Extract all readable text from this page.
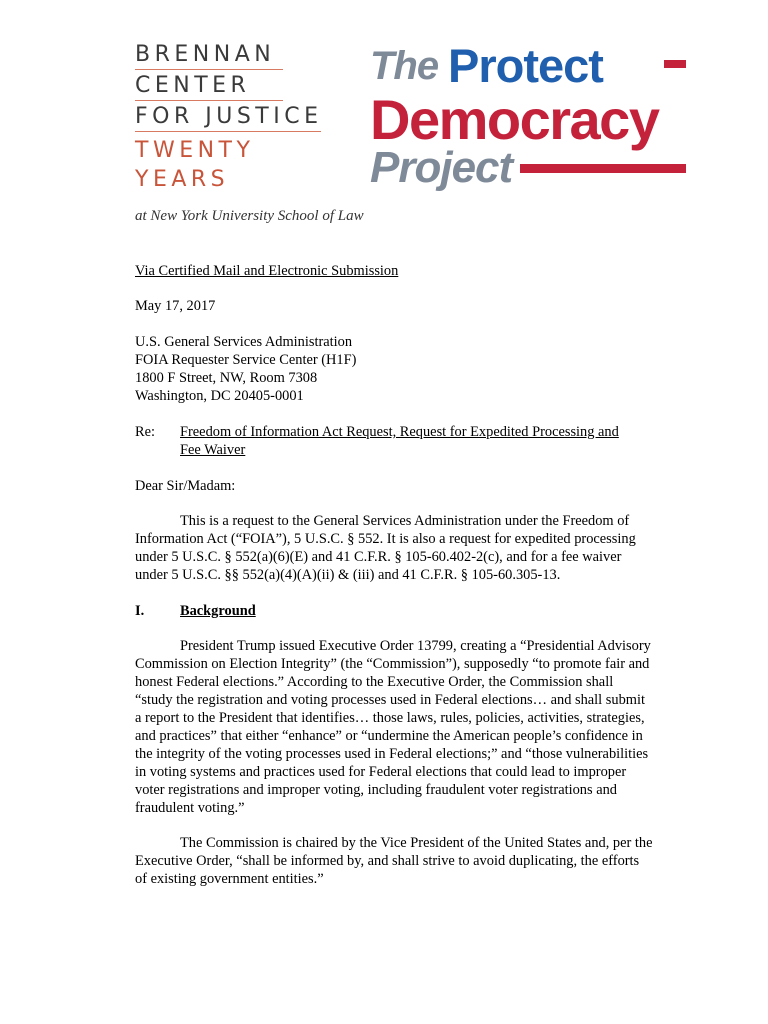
BRENNAN
CENTER
FOR JUSTICE
TWENTY
YEARS
at New York University School of Law
The Protect
Democracy
Project
Via Certified Mail and Electronic Submission
May 17, 2017
U.S. General Services Administration
FOIA Requester Service Center (H1F)
1800 F Street, NW, Room 7308
Washington, DC 20405-0001
Re: Freedom of Information Act Request, Request for Expedited Processing and
Fee Waiver
Dear Sir/Madam:
This is a request to the General Services Administration under the Freedom of
Information Act (“FOIA”), 5 U.S.C. § 552. It is also a request for expedited processing
under 5 U.S.C. § 552(a)(6)(E) and 41 C.F.R. § 105-60.402-2(c), and for a fee waiver
under 5 U.S.C. §§ 552(a)(4)(A)(ii) & (iii) and 41 C.F.R. § 105-60.305-13.
I. Background
President Trump issued Executive Order 13799, creating a “Presidential Advisory
Commission on Election Integrity” (the “Commission”), supposedly “to promote fair and
honest Federal elections.” According to the Executive Order, the Commission shall
“study the registration and voting processes used in Federal elections… and shall submit
a report to the President that identifies… those laws, rules, policies, activities, strategies,
and practices” that either “enhance” or “undermine the American people’s confidence in
the integrity of the voting processes used in Federal elections;” and “those vulnerabilities
in voting systems and practices used for Federal elections that could lead to improper
voter registrations and improper voting, including fraudulent voter registrations and
fraudulent voting.”
The Commission is chaired by the Vice President of the United States and, per the
Executive Order, “shall be informed by, and shall strive to avoid duplicating, the efforts
of existing government entities.”
